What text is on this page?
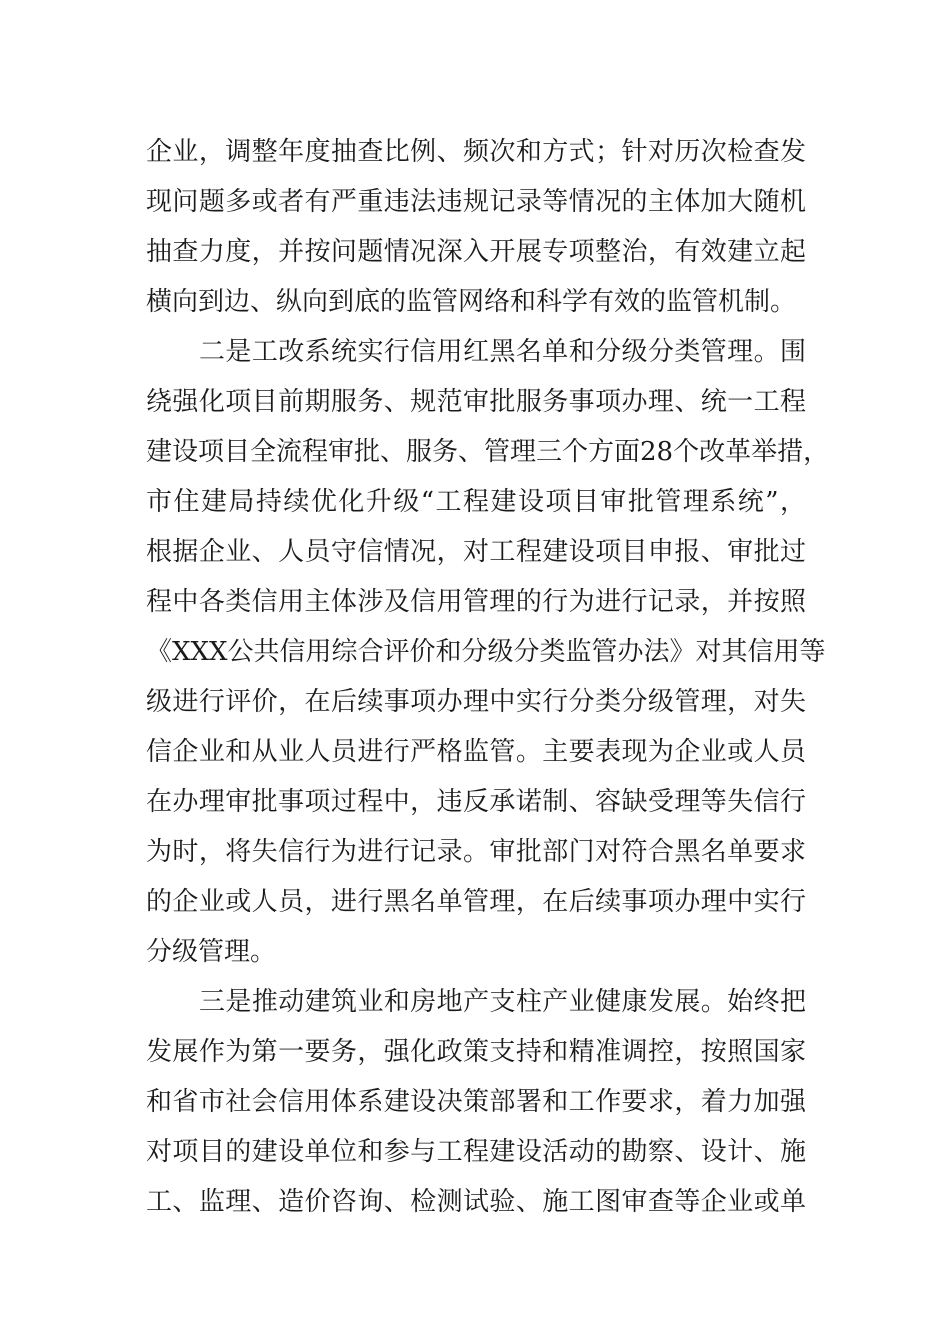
企业，调整年度抽查比例、频次和方式；针对历次检查发
现问题多或者有严重违法违规记录等情况的主体加大随机
抽查力度，并按问题情况深入开展专项整治，有效建立起
横向到边、纵向到底的监管网络和科学有效的监管机制。
二是工改系统实行信用红黑名单和分级分类管理。围
绕强化项目前期服务、规范审批服务事项办理、统一工程
建设项目全流程审批、服务、管理三个方面28个改革举措，
市住建局持续优化升级“工程建设项目审批管理系统”，
根据企业、人员守信情况，对工程建设项目申报、审批过
程中各类信用主体涉及信用管理的行为进行记录，并按照
《XXX公共信用综合评价和分级分类监管办法》对其信用等
级进行评价，在后续事项办理中实行分类分级管理，对失
信企业和从业人员进行严格监管。主要表现为企业或人员
在办理审批事项过程中，违反承诺制、容缺受理等失信行
为时，将失信行为进行记录。审批部门对符合黑名单要求
的企业或人员，进行黑名单管理，在后续事项办理中实行
分级管理。
三是推动建筑业和房地产支柱产业健康发展。始终把
发展作为第一要务，强化政策支持和精准调控，按照国家
和省市社会信用体系建设决策部署和工作要求，着力加强
对项目的建设单位和参与工程建设活动的勘察、设计、施
工、监理、造价咨询、检测试验、施工图审查等企业或单
